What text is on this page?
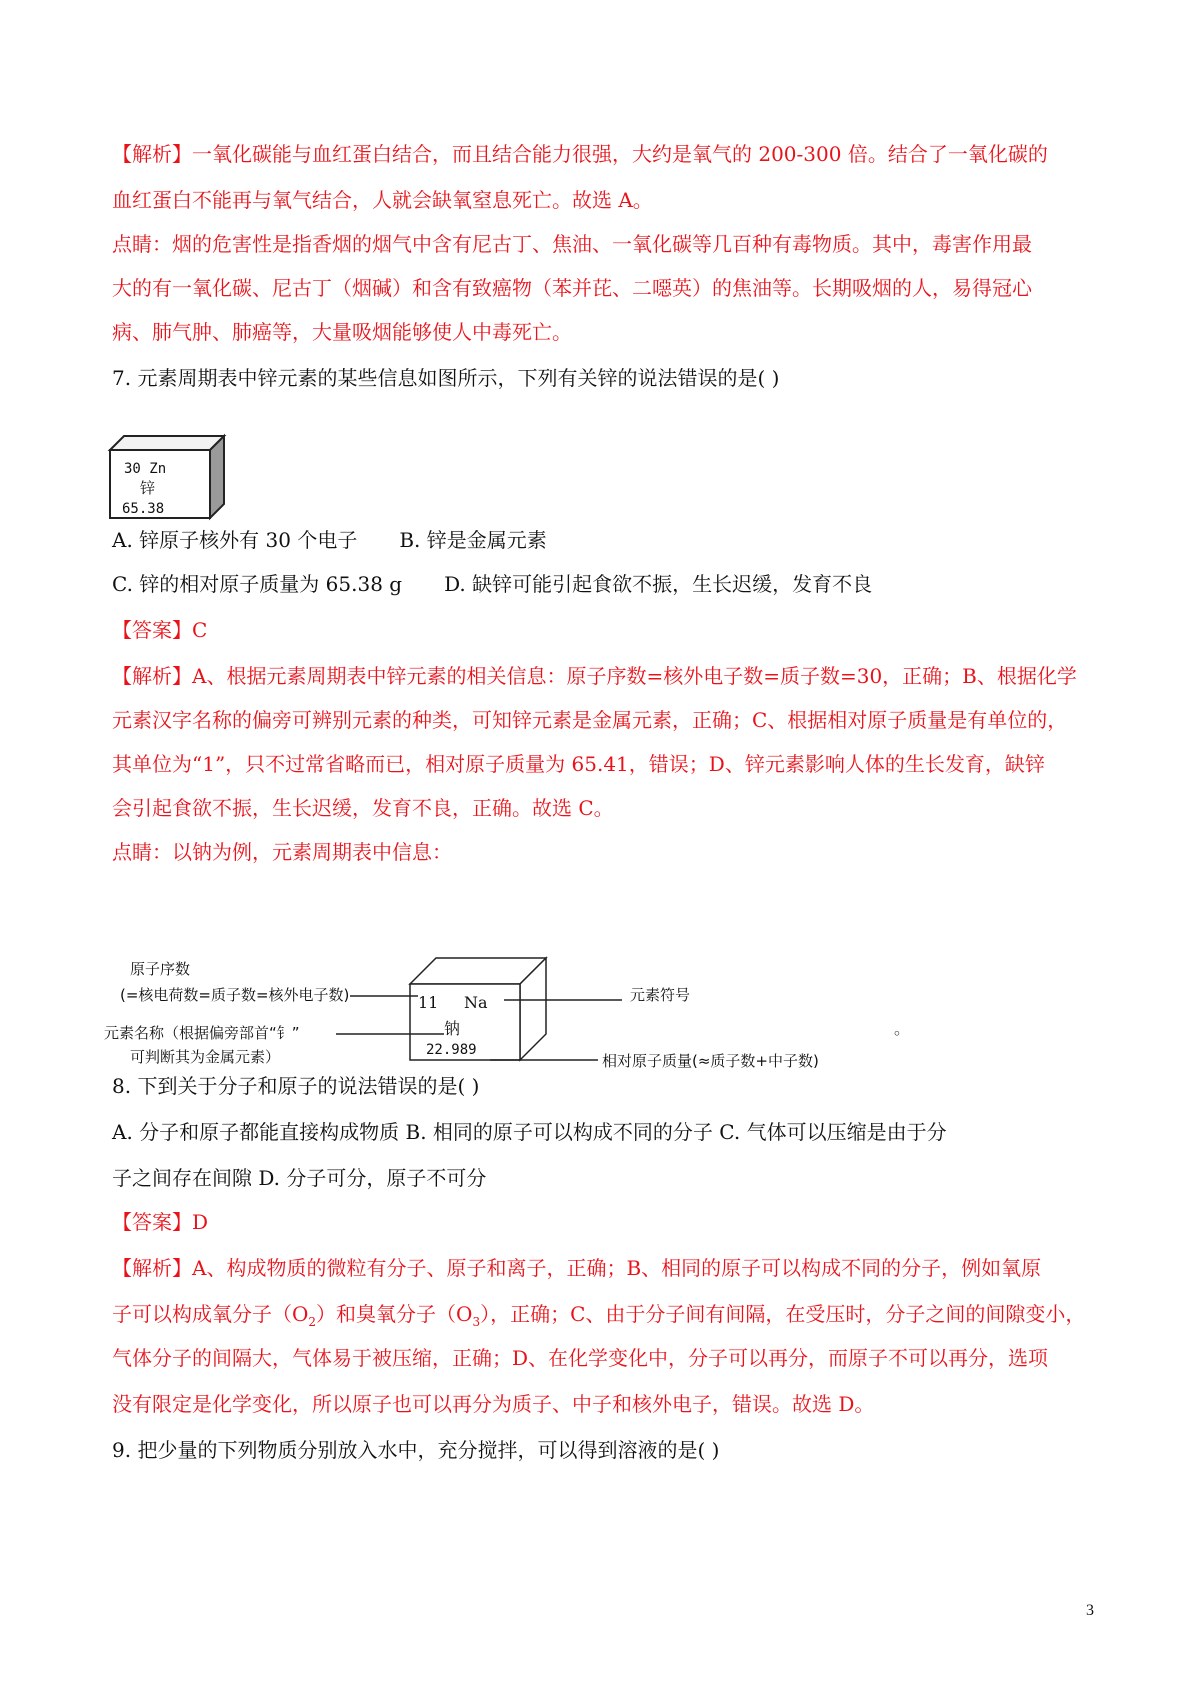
【解析】一氧化碳能与血红蛋白结合，而且结合能力很强，大约是氧气的 200-300 倍。结合了一氧化碳的
血红蛋白不能再与氧气结合，人就会缺氧窒息死亡。故选 A。
点睛：烟的危害性是指香烟的烟气中含有尼古丁、焦油、一氧化碳等几百种有毒物质。其中，毒害作用最
大的有一氧化碳、尼古丁（烟碱）和含有致癌物（苯并芘、二噁英）的焦油等。长期吸烟的人，易得冠心
病、肺气肿、肺癌等，大量吸烟能够使人中毒死亡。
7. 元素周期表中锌元素的某些信息如图所示，下列有关锌的说法错误的是( )
30 Zn
锌
65.38
A. 锌原子核外有 30 个电子 B. 锌是金属元素
C. 锌的相对原子质量为 65.38 g D. 缺锌可能引起食欲不振，生长迟缓，发育不良
【答案】C
【解析】A、根据元素周期表中锌元素的相关信息：原子序数=核外电子数=质子数=30，正确；B、根据化学
元素汉字名称的偏旁可辨别元素的种类，可知锌元素是金属元素，正确；C、根据相对原子质量是有单位的，
其单位为“1”，只不过常省略而已，相对原子质量为 65.41，错误；D、锌元素影响人体的生长发育，缺锌
会引起食欲不振，生长迟缓，发育不良，正确。故选 C。
点睛：以钠为例，元素周期表中信息：
原子序数
(=核电荷数=质子数=核外电子数)
元素名称（根据偏旁部首“钅”
可判断其为金属元素）
元素符号
相对原子质量(≈质子数+中子数)
11 Na
钠
22.989
。
8. 下到关于分子和原子的说法错误的是( )
A. 分子和原子都能直接构成物质 B. 相同的原子可以构成不同的分子 C. 气体可以压缩是由于分
子之间存在间隙 D. 分子可分，原子不可分
【答案】D
【解析】A、构成物质的微粒有分子、原子和离子，正确；B、相同的原子可以构成不同的分子，例如氧原
子可以构成氧分子$(O_2)$和臭氧分子$(O_3)$，正确；C、由于分子间有间隔，在受压时，分子之间的间隙变小，
气体分子的间隔大，气体易于被压缩，正确；D、在化学变化中，分子可以再分，而原子不可以再分，选项
没有限定是化学变化，所以原子也可以再分为质子、中子和核外电子，错误。故选 D。
9. 把少量的下列物质分别放入水中，充分搅拌，可以得到溶液的是( )
3
